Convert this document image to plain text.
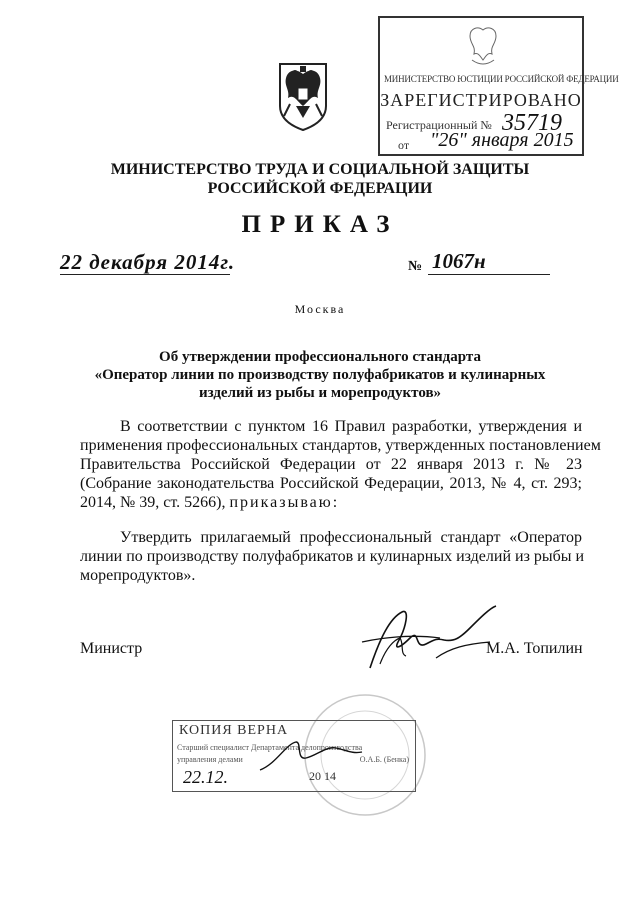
МИНИСТЕРСТВО ЮСТИЦИИ РОССИЙСКОЙ ФЕДЕРАЦИИ
ЗАРЕГИСТРИРОВАНО
Регистрационный № 35719
от "26" января 2015
МИНИСТЕРСТВО ТРУДА И СОЦИАЛЬНОЙ ЗАЩИТЫ
РОССИЙСКОЙ ФЕДЕРАЦИИ
ПРИКАЗ
22 декабря 2014г.	№ 1067н
Москва
Об утверждении профессионального стандарта
«Оператор линии по производству полуфабрикатов и кулинарных
изделий из рыбы и морепродуктов»
В соответствии с пунктом 16 Правил разработки, утверждения и
применения профессиональных стандартов, утвержденных постановлением
Правительства Российской Федерации от 22 января 2013 г. № 23
(Собрание законодательства Российской Федерации, 2013, № 4, ст. 293;
2014, № 39, ст. 5266), приказываю:
Утвердить прилагаемый профессиональный стандарт «Оператор
линии по производству полуфабрикатов и кулинарных изделий из рыбы и
морепродуктов».
Министр	М.А. Топилин
КОПИЯ ВЕРНА
Старший специалист Департамента делопроизводства
управления делами	О.А.Б. (Бенка)
22.12.	20 14
